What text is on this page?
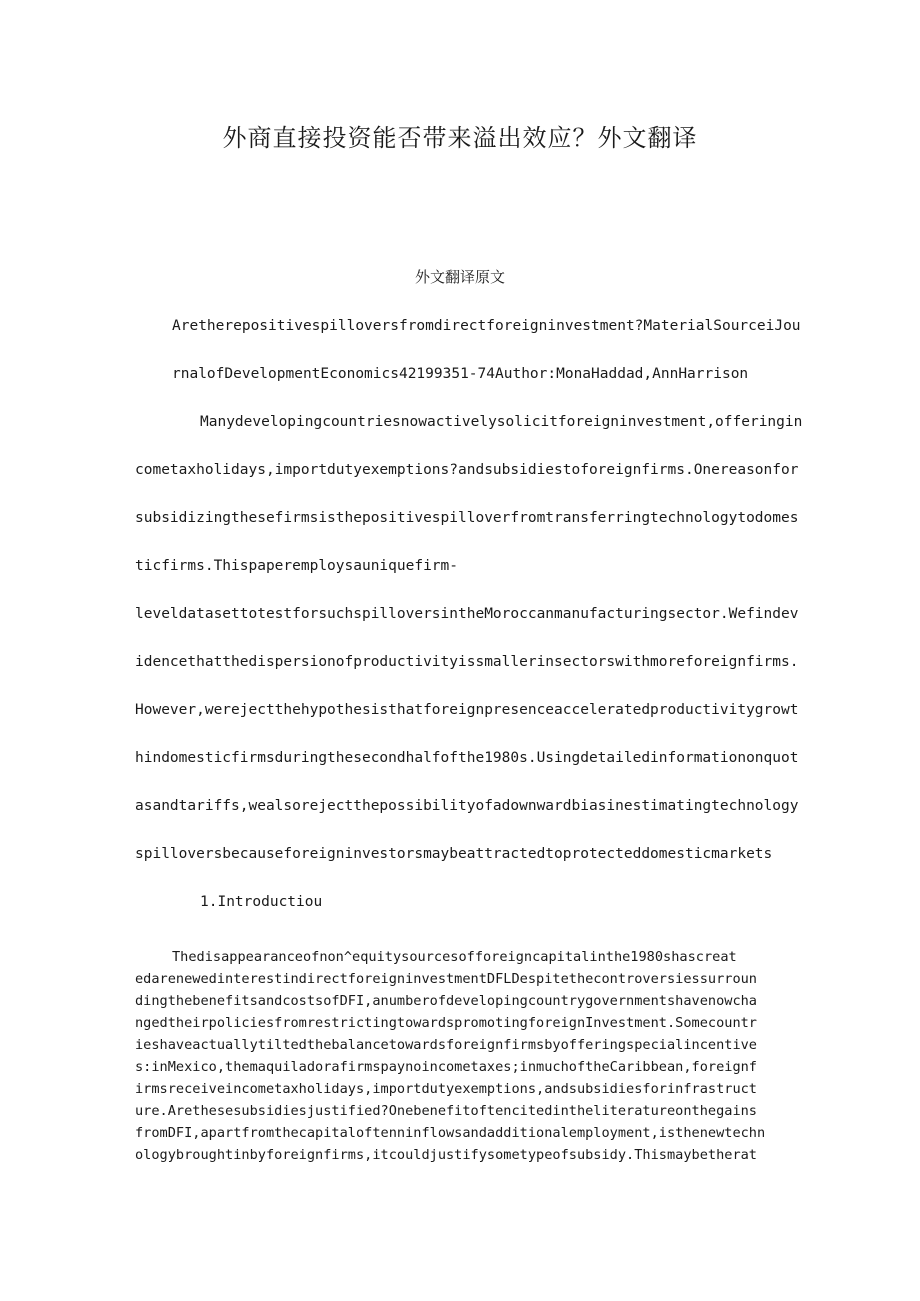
外商直接投资能否带来溢出效应？外文翻译
外文翻译原文

Aretherepositivespilloversfromdirectforeigninvestment?MaterialSourceiJou

rnalofDevelopmentEconomics42199351-74Author:MonaHaddad,AnnHarrison

Manydevelopingcountriesnowactivelysolicitforeigninvestment,offeringin

cometaxholidays,importdutyexemptions?andsubsidiestoforeignfirms.Onereasonfor

subsidizingthesefirmsisthepositivespilloverfromtransferringtechnologytodomes

ticfirms.Thispaperemploysauniquefirm-

leveldatasettotestforsuchspilloversintheMoroccanmanufacturingsector.Wefindev

idencethatthedispersionofproductivityissmallerinsectorswithmoreforeignfirms.

However,werejectthehypothesisthatforeignpresenceacceleratedproductivitygrowt

hindomesticfirmsduringthesecondhalfofthe1980s.Usingdetailedinformationonquot

asandtariffs,wealsorejectthepossibilityofadownwardbiasinestimatingtechnology

spilloversbecauseforeigninvestorsmaybeattractedtoprotecteddomesticmarkets

1.Introductiou

Thedisappearanceofnon^equitysourcesofforeigncapitalinthe1980shascreat

edarenewedinterestindirectforeigninvestmentDFLDespitethecontroversiessurroun

dingthebenefitsandcostsofDFI,anumberofdevelopingcountrygovernmentshavenowcha

ngedtheirpoliciesfromrestrictingtowardspromotingforeignInvestment.Somecountr

ieshaveactuallytiltedthebalancetowardsforeignfirmsbyofferingspecialincentive

s:inMexico,themaquiladorafirmspaynoincometaxes;inmuchoftheCaribbean,foreignf

irmsreceiveincometaxholidays,importdutyexemptions,andsubsidiesforinfrastruct

ure.Arethesesubsidiesjustified?Onebenefitoftencitedintheliteratureonthegains

fromDFI,apartfromthecapitaloftenninflowsandadditionalemployment,isthenewtechn

ologybroughtinbyforeignfirms,itcouldjustifysometypeofsubsidy.Thismaybetherat
